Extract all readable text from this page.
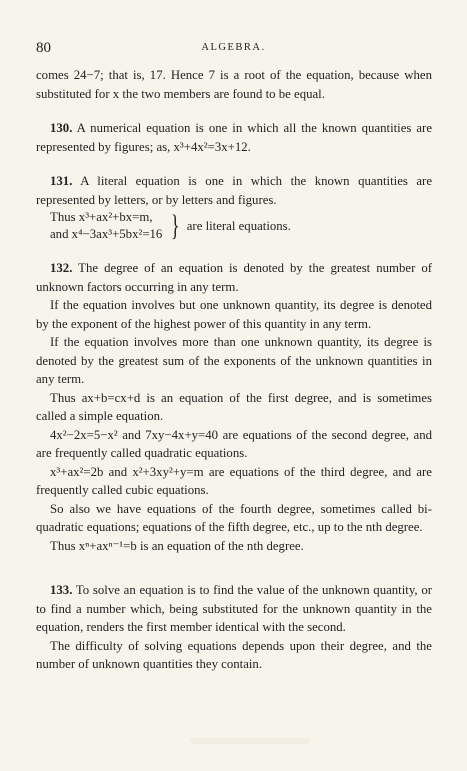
80	ALGEBRA.

comes 24−7; that is, 17. Hence 7 is a root of the equation, because when substituted for x the two members are found to be equal.

130. A numerical equation is one in which all the known quantities are represented by figures; as, x³+4x²=3x+12.

131. A literal equation is one in which the known quantities are represented by letters, or by letters and figures.

Thus x³+ax²+bx=m,
and x⁴−3ax³+5bx²=16 } are literal equations.

132. The degree of an equation is denoted by the greatest number of unknown factors occurring in any term.

If the equation involves but one unknown quantity, its degree is denoted by the exponent of the highest power of this quantity in any term.

If the equation involves more than one unknown quantity, its degree is denoted by the greatest sum of the exponents of the unknown quantities in any term.

Thus ax+b=cx+d is an equation of the first degree, and is sometimes called a simple equation.

4x²−2x=5−x² and 7xy−4x+y=40 are equations of the second degree, and are frequently called quadratic equations.

x³+ax²=2b and x²+3xy²+y=m are equations of the third degree, and are frequently called cubic equations.

So also we have equations of the fourth degree, sometimes called bi-quadratic equations; equations of the fifth degree, etc., up to the nth degree.

Thus xⁿ+axⁿ⁻¹=b is an equation of the nth degree.

133. To solve an equation is to find the value of the unknown quantity, or to find a number which, being substituted for the unknown quantity in the equation, renders the first member identical with the second.

The difficulty of solving equations depends upon their degree, and the number of unknown quantities they contain.
